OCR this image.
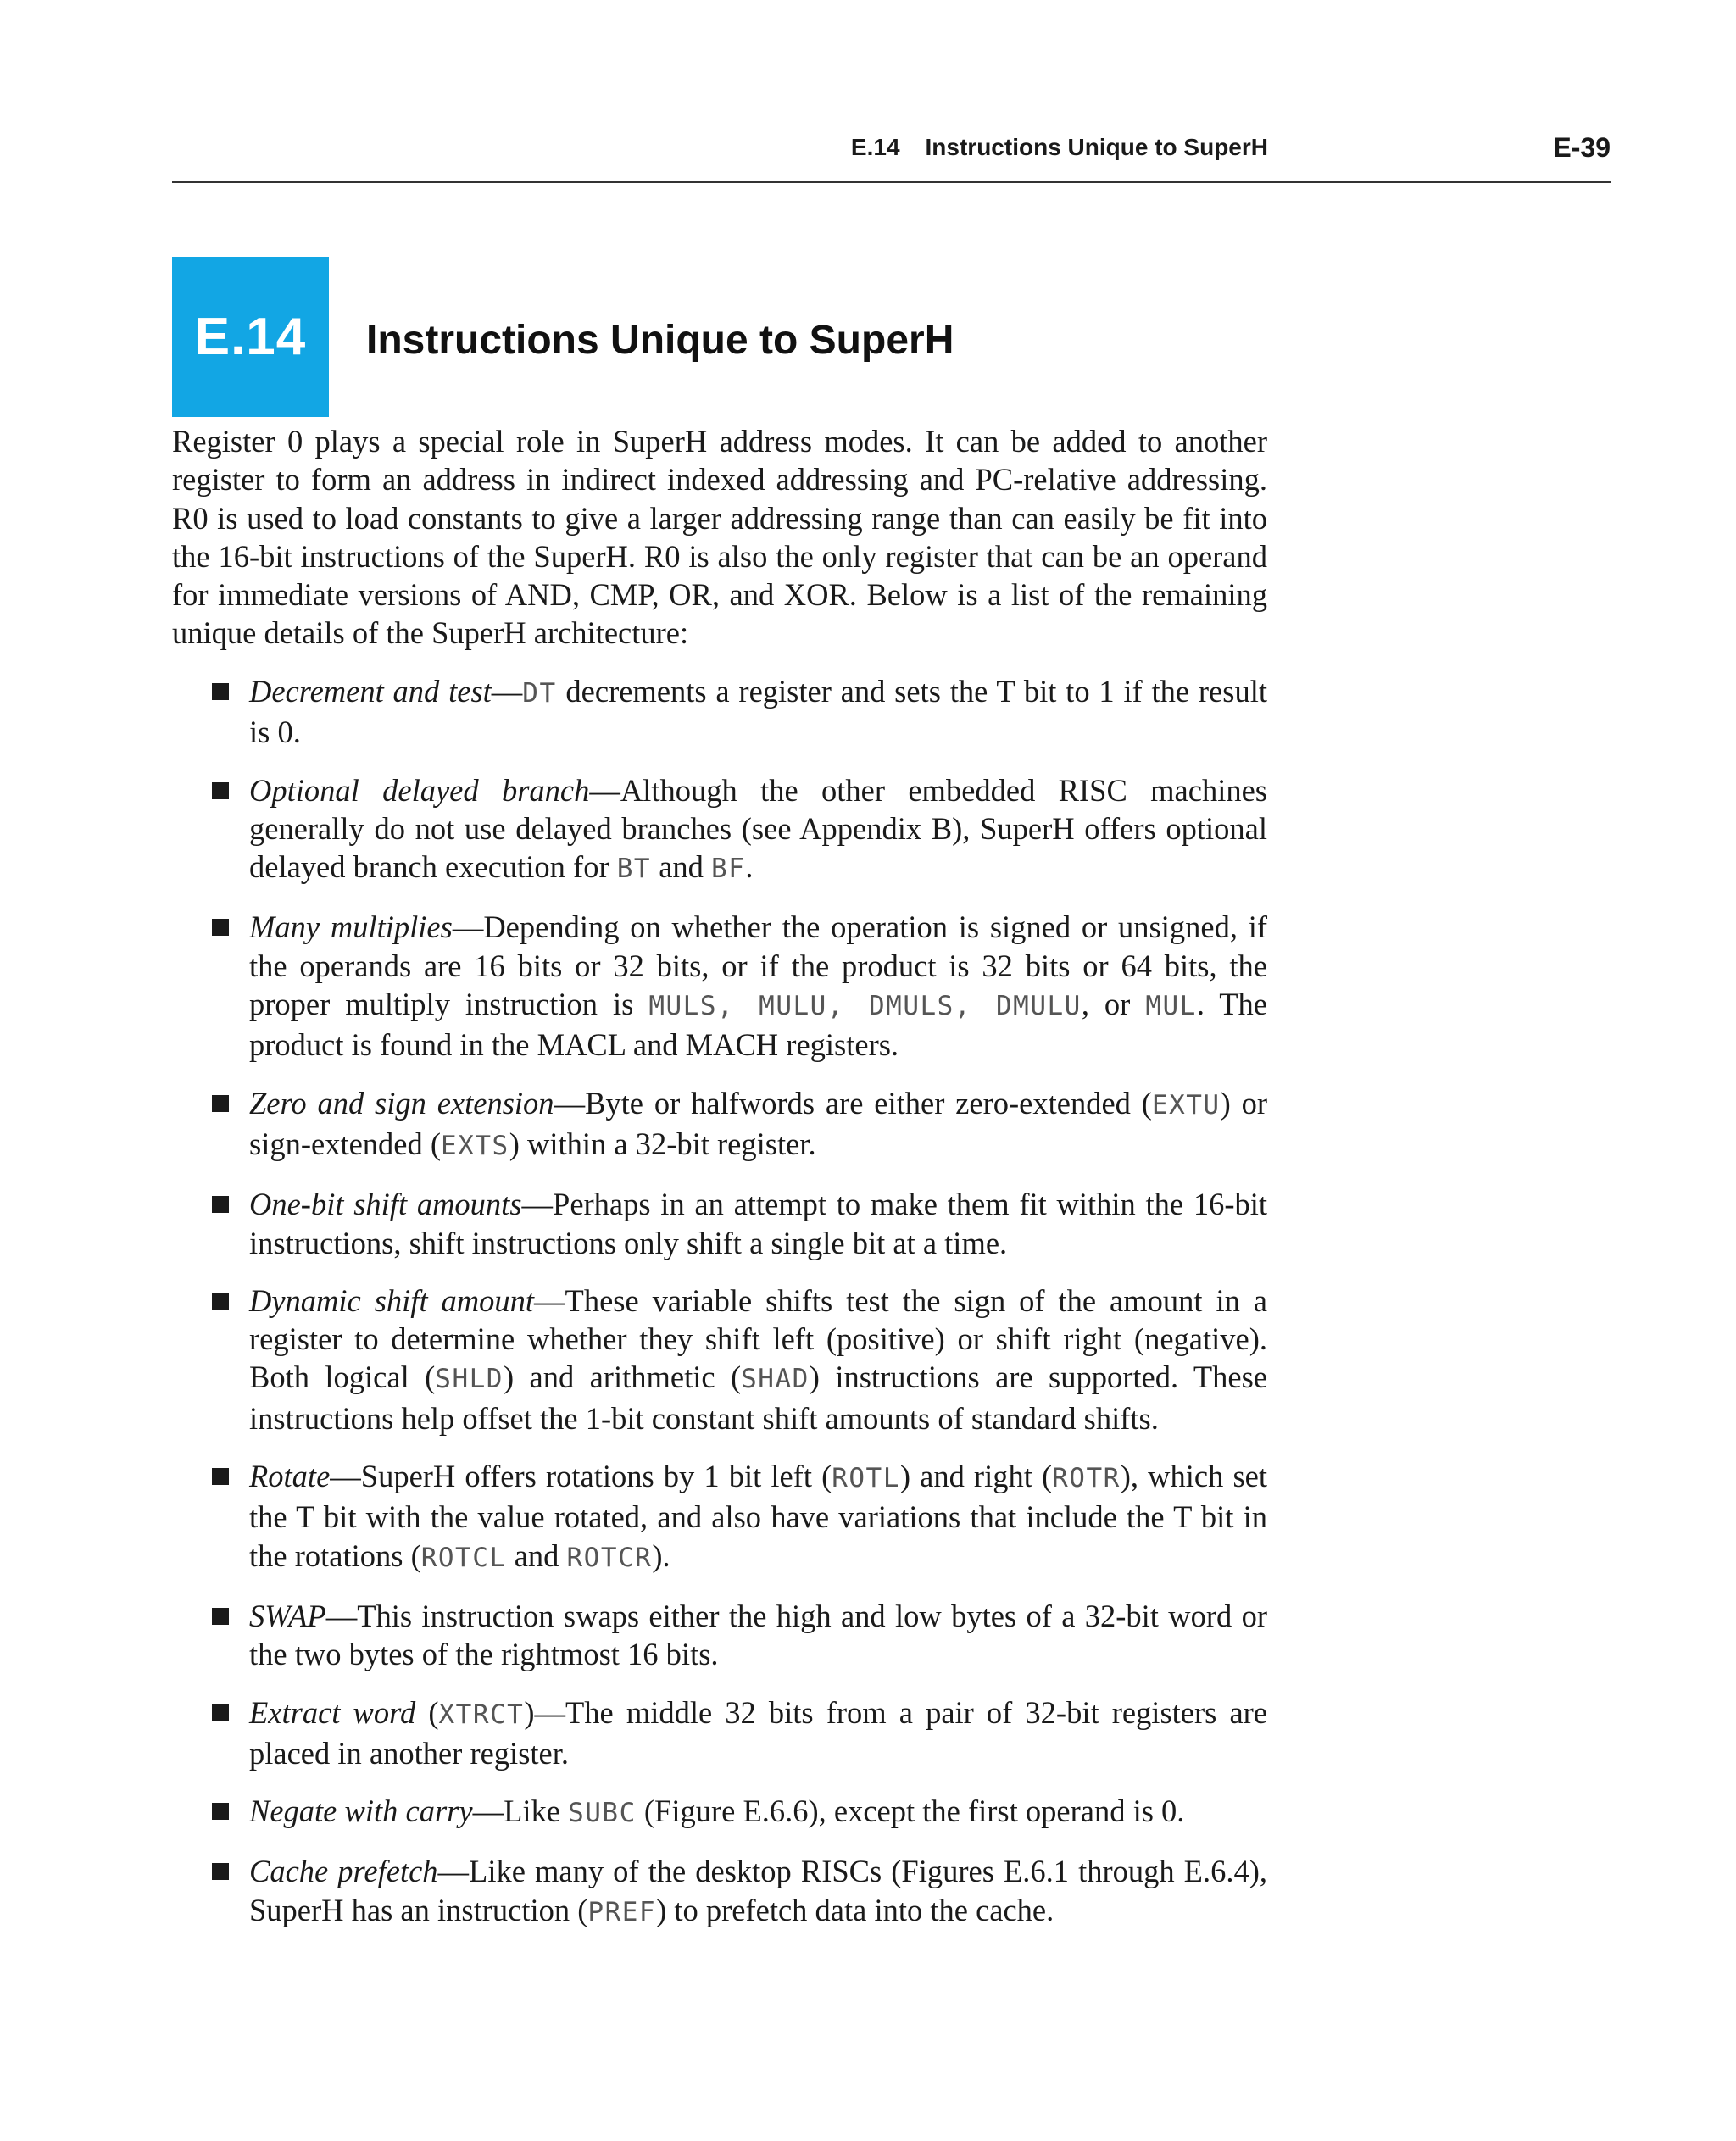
E.14 Instructions Unique to SuperH	E-39
E.14	Instructions Unique to SuperH

Register 0 plays a special role in SuperH address modes. It can be added to another register to form an address in indirect indexed addressing and PC-relative addressing. R0 is used to load constants to give a larger addressing range than can easily be fit into the 16-bit instructions of the SuperH. R0 is also the only register that can be an operand for immediate versions of AND, CMP, OR, and XOR. Below is a list of the remaining unique details of the SuperH architecture:

Decrement and test—DT decrements a register and sets the T bit to 1 if the result is 0.
Optional delayed branch—Although the other embedded RISC machines generally do not use delayed branches (see Appendix B), SuperH offers optional delayed branch execution for BT and BF.
Many multiplies—Depending on whether the operation is signed or unsigned, if the operands are 16 bits or 32 bits, or if the product is 32 bits or 64 bits, the proper multiply instruction is MULS, MULU, DMULS, DMULU, or MUL. The product is found in the MACL and MACH registers.
Zero and sign extension—Byte or halfwords are either zero-extended (EXTU) or sign-extended (EXTS) within a 32-bit register.
One-bit shift amounts—Perhaps in an attempt to make them fit within the 16-bit instructions, shift instructions only shift a single bit at a time.
Dynamic shift amount—These variable shifts test the sign of the amount in a register to determine whether they shift left (positive) or shift right (negative). Both logical (SHLD) and arithmetic (SHAD) instructions are supported. These instructions help offset the 1-bit constant shift amounts of standard shifts.
Rotate—SuperH offers rotations by 1 bit left (ROTL) and right (ROTR), which set the T bit with the value rotated, and also have variations that include the T bit in the rotations (ROTCL and ROTCR).
SWAP—This instruction swaps either the high and low bytes of a 32-bit word or the two bytes of the rightmost 16 bits.
Extract word (XTRCT)—The middle 32 bits from a pair of 32-bit registers are placed in another register.
Negate with carry—Like SUBC (Figure E.6.6), except the first operand is 0.
Cache prefetch—Like many of the desktop RISCs (Figures E.6.1 through E.6.4), SuperH has an instruction (PREF) to prefetch data into the cache.
